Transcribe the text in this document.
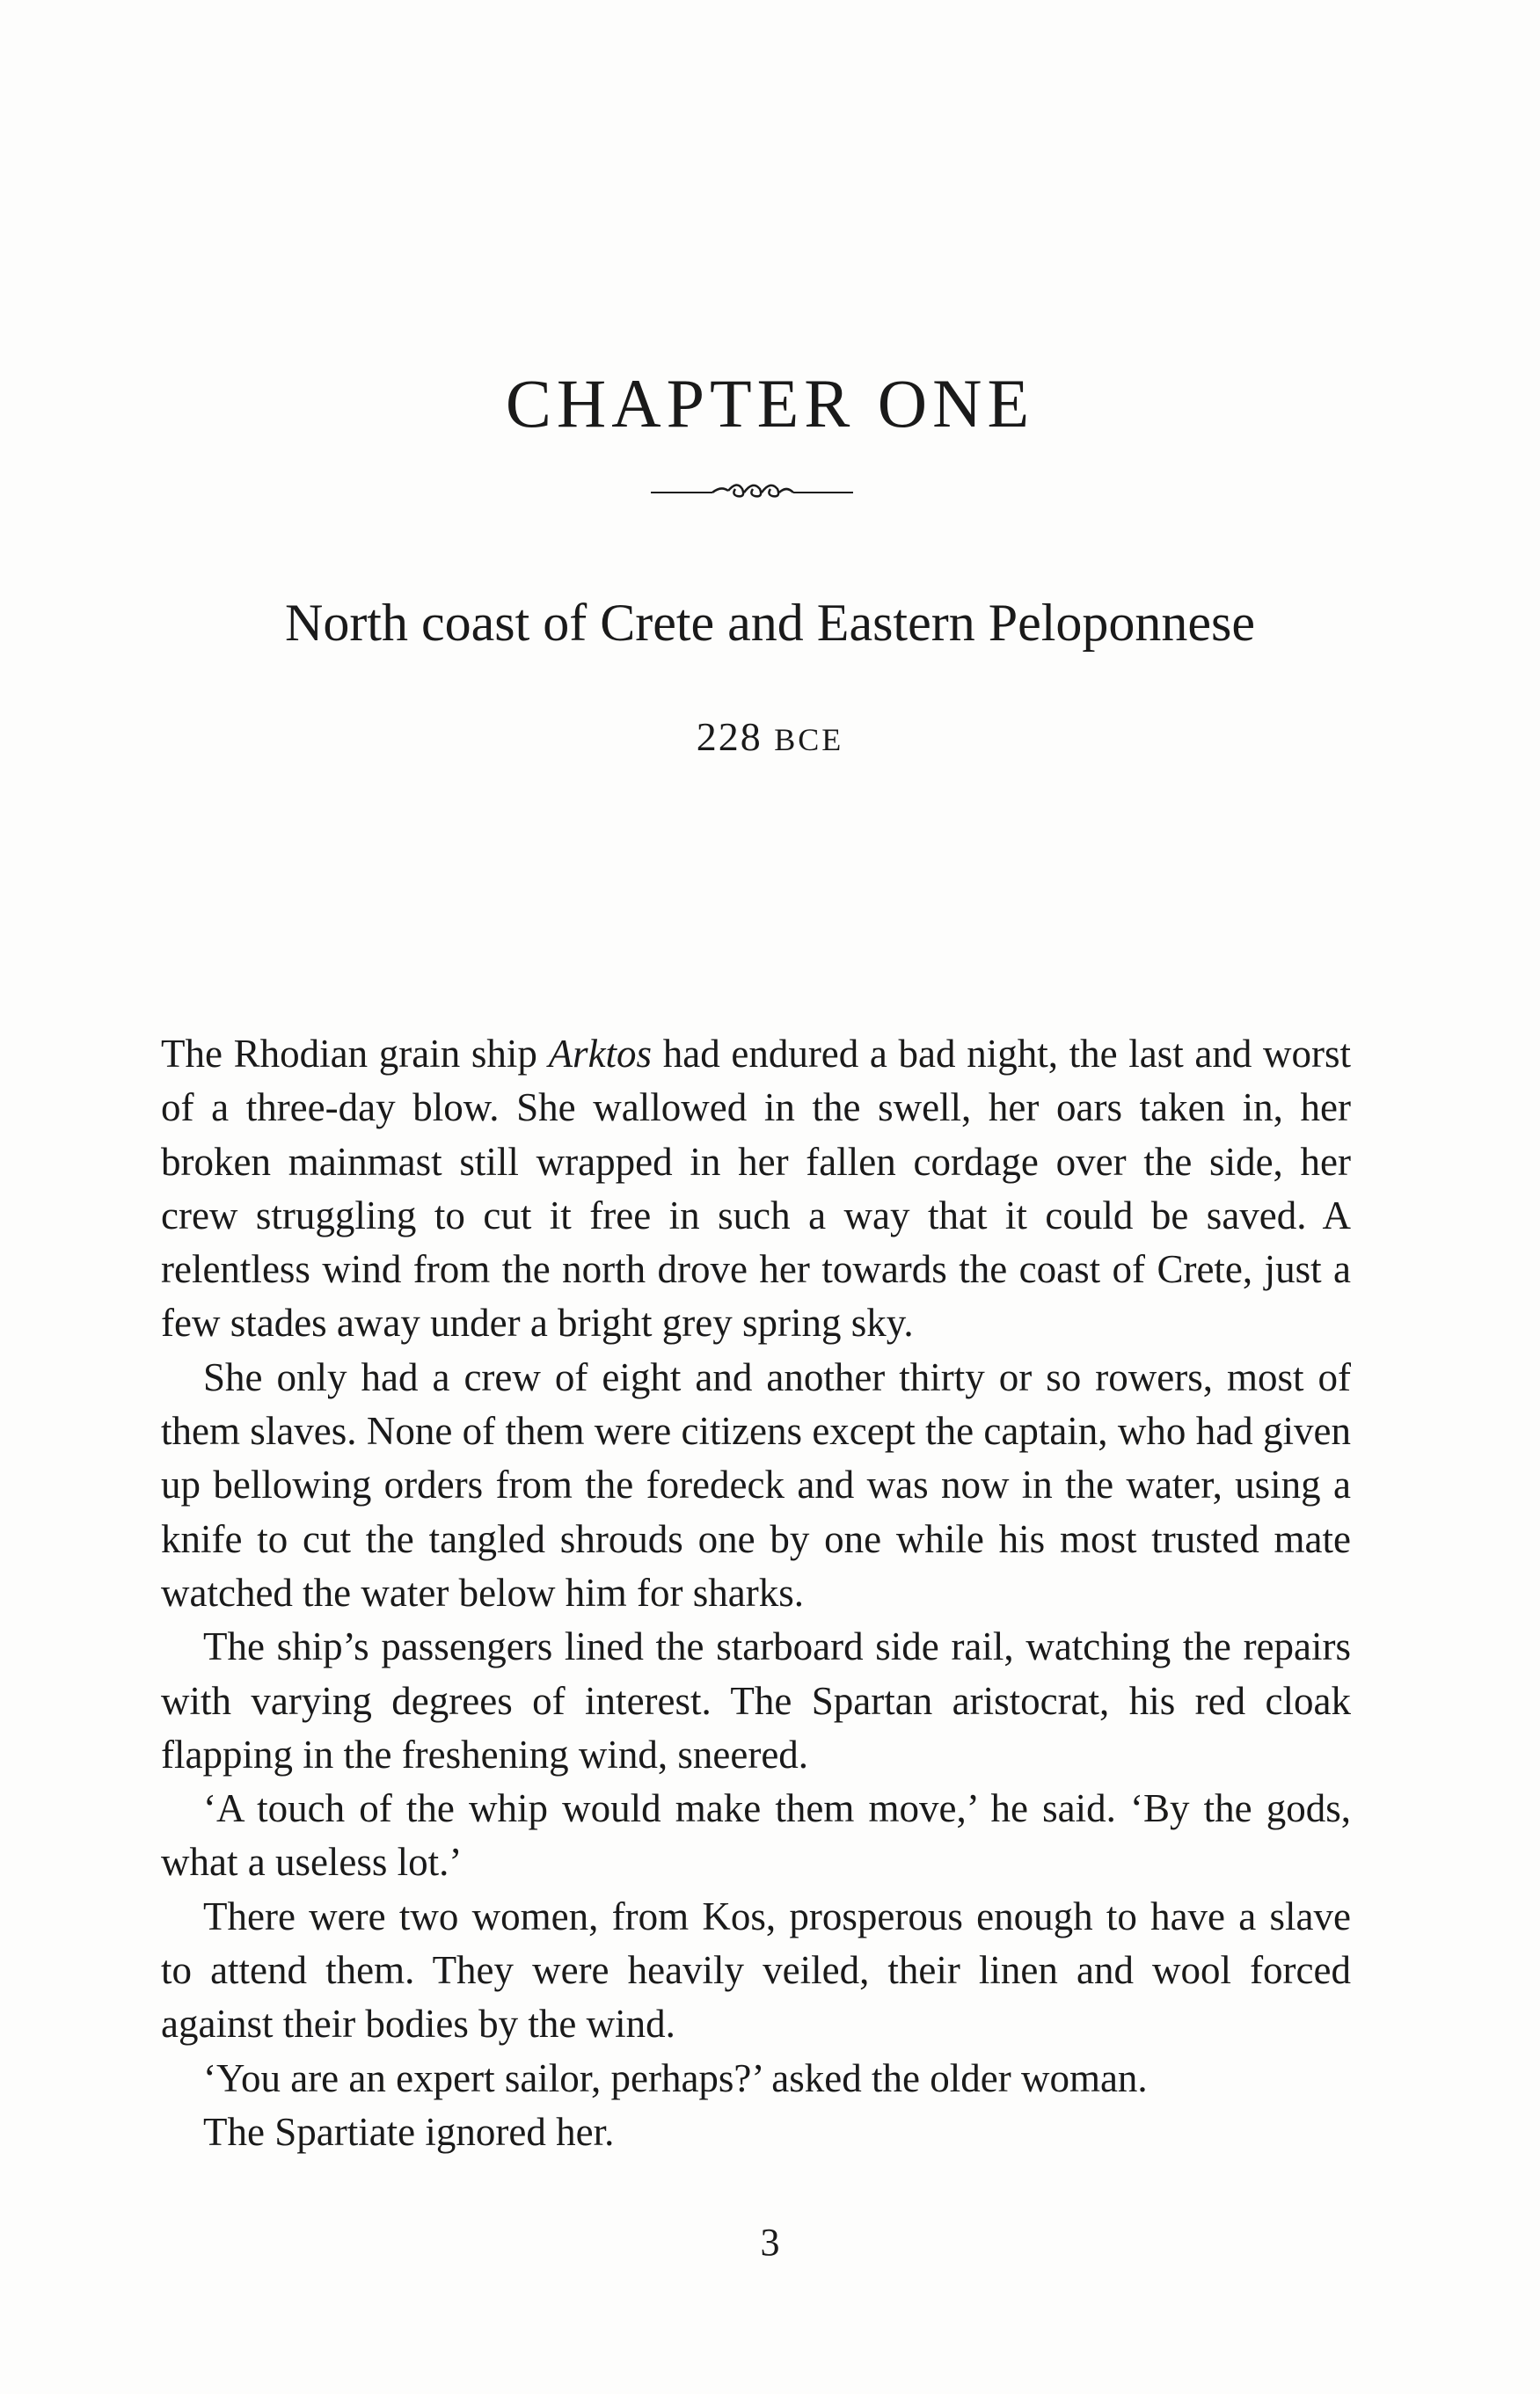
CHAPTER ONE
North coast of Crete and Eastern Peloponnese
228 BCE

The Rhodian grain ship Arktos had endured a bad night, the last and worst of a three-day blow. She wallowed in the swell, her oars taken in, her broken mainmast still wrapped in her fallen cordage over the side, her crew struggling to cut it free in such a way that it could be saved. A relentless wind from the north drove her towards the coast of Crete, just a few stades away under a bright grey spring sky.

She only had a crew of eight and another thirty or so rowers, most of them slaves. None of them were citizens except the captain, who had given up bellowing orders from the foredeck and was now in the water, using a knife to cut the tangled shrouds one by one while his most trusted mate watched the water below him for sharks.

The ship’s passengers lined the starboard side rail, watching the repairs with varying degrees of interest. The Spartan aristocrat, his red cloak flapping in the freshening wind, sneered.

‘A touch of the whip would make them move,’ he said. ‘By the gods, what a useless lot.’

There were two women, from Kos, prosperous enough to have a slave to attend them. They were heavily veiled, their linen and wool forced against their bodies by the wind.

‘You are an expert sailor, perhaps?’ asked the older woman.

The Spartiate ignored her.

3
